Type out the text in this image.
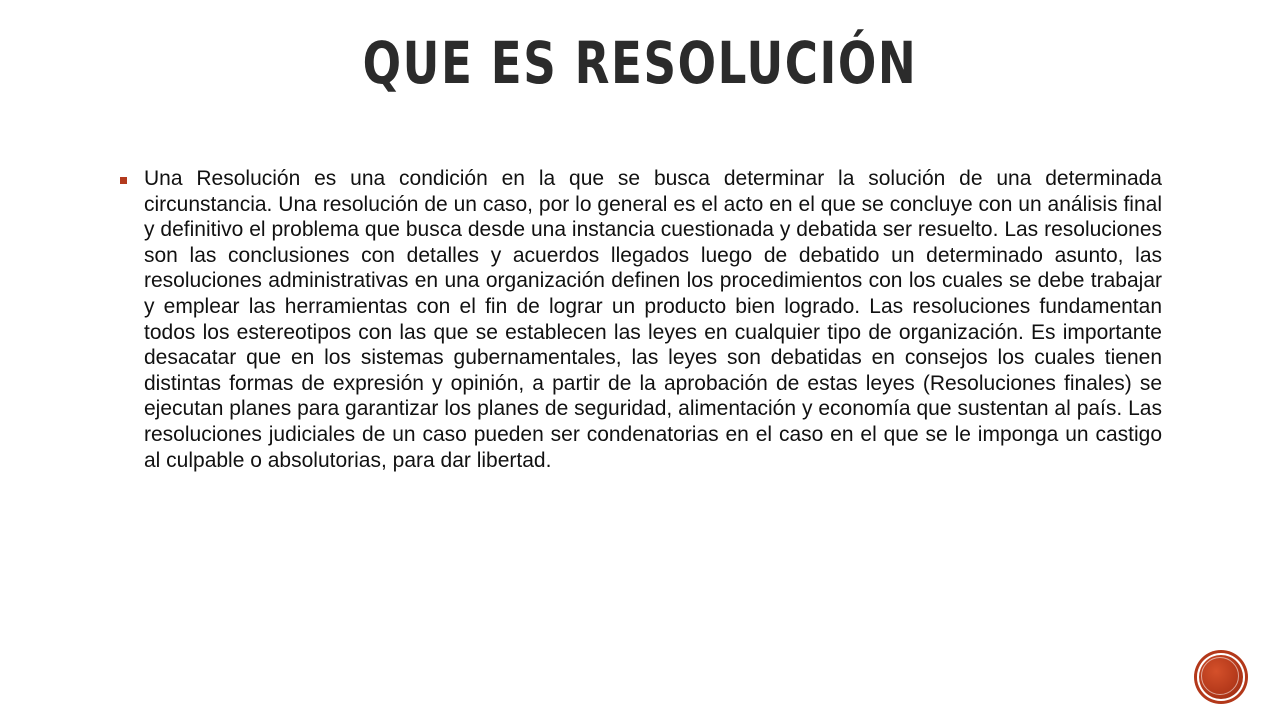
QUE ES RESOLUCIÓN
Una Resolución es una condición en la que se busca determinar la solución de una determinada circunstancia. Una resolución de un caso, por lo general es el acto en el que se concluye con un análisis final y definitivo el problema que busca desde una instancia cuestionada y debatida ser resuelto. Las resoluciones son las conclusiones con detalles y acuerdos llegados luego de debatido un determinado asunto, las resoluciones administrativas en una organización definen los procedimientos con los cuales se debe trabajar y emplear las herramientas con el fin de lograr un producto bien logrado. Las resoluciones fundamentan todos los estereotipos con las que se establecen las leyes en cualquier tipo de organización. Es importante desacatar que en los sistemas gubernamentales, las leyes son debatidas en consejos los cuales tienen distintas formas de expresión y opinión, a partir de la aprobación de estas leyes (Resoluciones finales) se ejecutan planes para garantizar los planes de seguridad, alimentación y economía que sustentan al país. Las resoluciones judiciales de un caso pueden ser condenatorias en el caso en el que se le imponga un castigo al culpable o absolutorias, para dar libertad.
